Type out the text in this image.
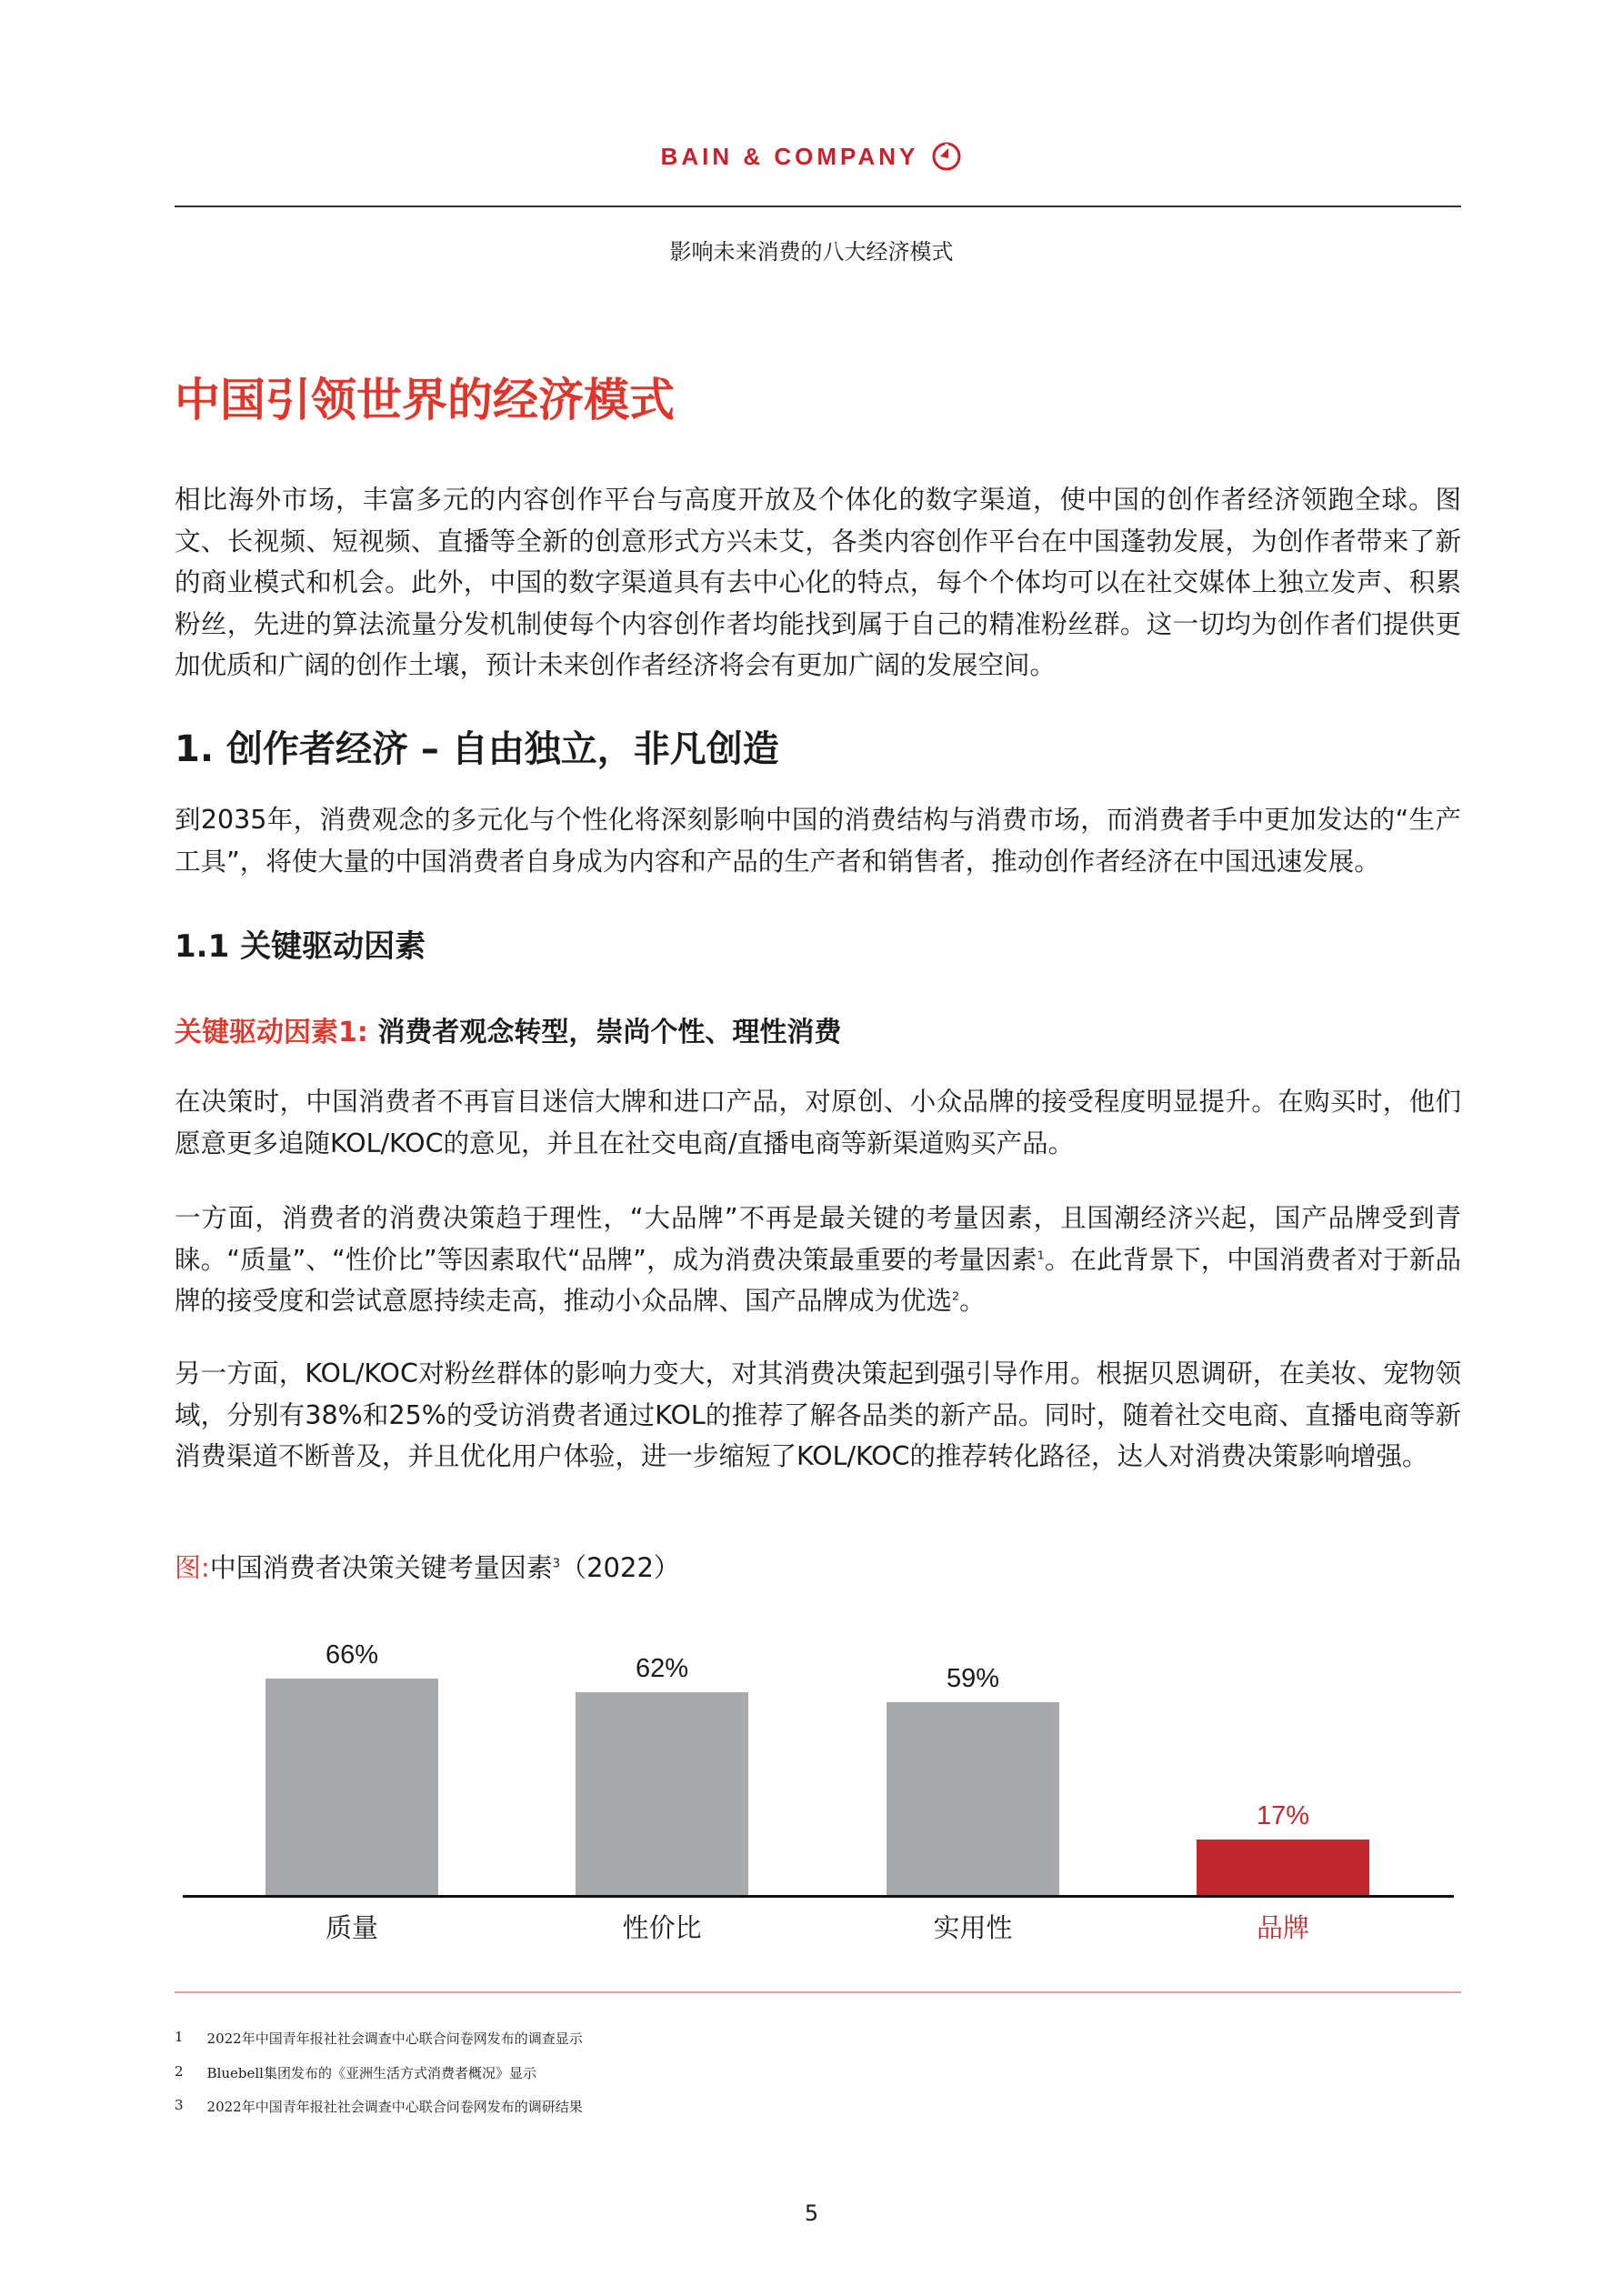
BAIN & COMPANY
影响未来消费的八大经济模式
中国引领世界的经济模式
相比海外市场，丰富多元的内容创作平台与高度开放及个体化的数字渠道，使中国的创作者经济领跑全球。图文、长视频、短视频、直播等全新的创意形式方兴未艾，各类内容创作平台在中国蓬勃发展，为创作者带来了新的商业模式和机会。此外，中国的数字渠道具有去中心化的特点，每个个体均可以在社交媒体上独立发声、积累粉丝，先进的算法流量分发机制使每个内容创作者均能找到属于自己的精准粉丝群。这一切均为创作者们提供更加优质和广阔的创作土壤，预计未来创作者经济将会有更加广阔的发展空间。
1. 创作者经济 – 自由独立，非凡创造
到2035年，消费观念的多元化与个性化将深刻影响中国的消费结构与消费市场，而消费者手中更加发达的“生产工具”，将使大量的中国消费者自身成为内容和产品的生产者和销售者，推动创作者经济在中国迅速发展。
1.1 关键驱动因素
关键驱动因素1: 消费者观念转型，崇尚个性、理性消费
在决策时，中国消费者不再盲目迷信大牌和进口产品，对原创、小众品牌的接受程度明显提升。在购买时，他们愿意更多追随KOL/KOC的意见，并且在社交电商/直播电商等新渠道购买产品。
一方面，消费者的消费决策趋于理性，“大品牌”不再是最关键的考量因素，且国潮经济兴起，国产品牌受到青睐。“质量”、“性价比”等因素取代“品牌”，成为消费决策最重要的考量因素$^1$。在此背景下，中国消费者对于新品牌的接受度和尝试意愿持续走高，推动小众品牌、国产品牌成为优选$^2$。
另一方面，KOL/KOC对粉丝群体的影响力变大，对其消费决策起到强引导作用。根据贝恩调研，在美妆、宠物领域，分别有38%和25%的受访消费者通过KOL的推荐了解各品类的新产品。同时，随着社交电商、直播电商等新消费渠道不断普及，并且优化用户体验，进一步缩短了KOL/KOC的推荐转化路径，达人对消费决策影响增强。
图:中国消费者决策关键考量因素$^3$（2022）
66%
质量
62%
性价比
59%
实用性
17%
品牌
1 2022年中国青年报社社会调查中心联合问卷网发布的调查显示
2 Bluebell集团发布的《亚洲生活方式消费者概况》显示
3 2022年中国青年报社社会调查中心联合问卷网发布的调研结果
5
